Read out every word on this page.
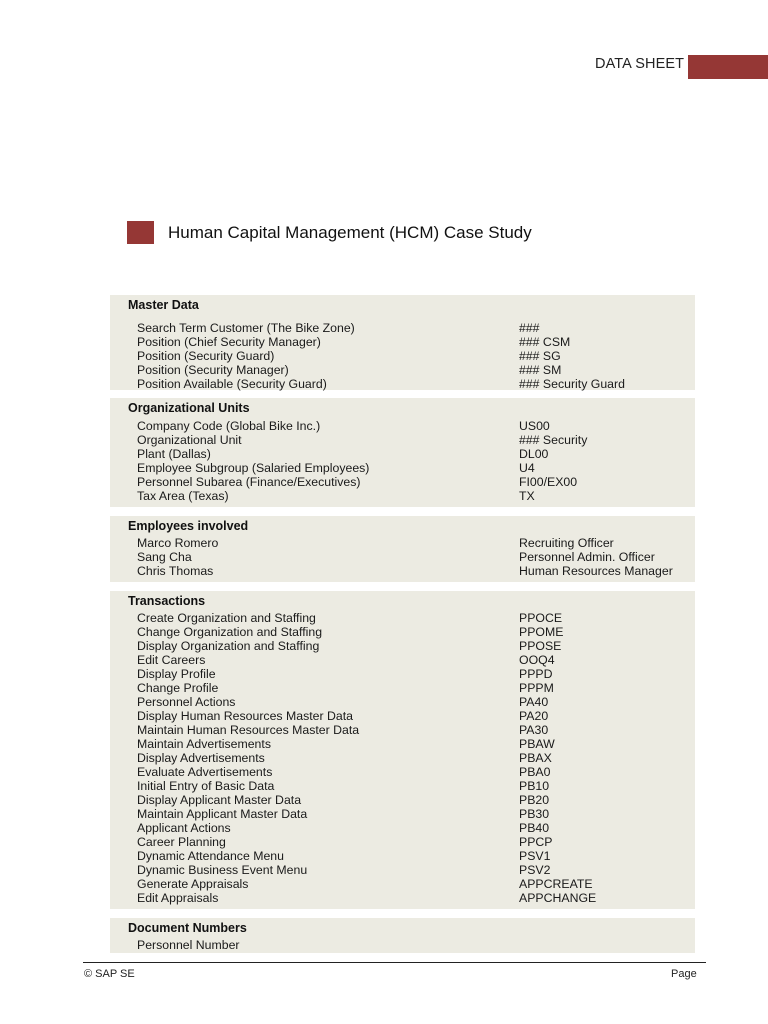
DATA SHEET
Human Capital Management (HCM) Case Study
Master Data
Search Term Customer (The Bike Zone)	###
Position (Chief Security Manager)	### CSM
Position (Security Guard)	### SG
Position (Security Manager)	### SM
Position Available (Security Guard)	### Security Guard
Organizational Units
Company Code (Global Bike Inc.)	US00
Organizational Unit	### Security
Plant (Dallas)	DL00
Employee Subgroup (Salaried Employees)	U4
Personnel Subarea (Finance/Executives)	FI00/EX00
Tax Area (Texas)	TX
Employees involved
Marco Romero	Recruiting Officer
Sang Cha	Personnel Admin. Officer
Chris Thomas	Human Resources Manager
Transactions
Create Organization and Staffing	PPOCE
Change Organization and Staffing	PPOME
Display Organization and Staffing	PPOSE
Edit Careers	OOQ4
Display Profile	PPPD
Change Profile	PPPM
Personnel Actions	PA40
Display Human Resources Master Data	PA20
Maintain Human Resources Master Data	PA30
Maintain Advertisements	PBAW
Display Advertisements	PBAX
Evaluate Advertisements	PBA0
Initial Entry of Basic Data	PB10
Display Applicant Master Data	PB20
Maintain Applicant Master Data	PB30
Applicant Actions	PB40
Career Planning	PPCP
Dynamic Attendance Menu	PSV1
Dynamic Business Event Menu	PSV2
Generate Appraisals	APPCREATE
Edit Appraisals	APPCHANGE
Document Numbers
Personnel Number
© SAP SE	Page
